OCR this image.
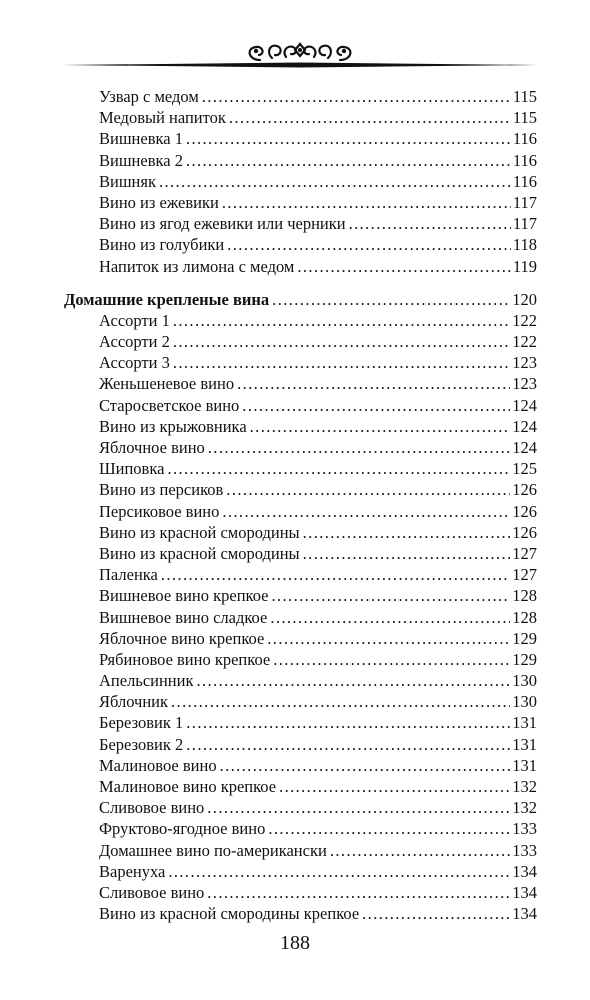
Узвар с медом .....	115
Медовый напиток .....	115
Вишневка 1 .....	116
Вишневка 2 .....	116
Вишняк .....	116
Вино из ежевики .....	117
Вино из ягод ежевики или черники .....	117
Вино из голубики .....	118
Напиток из лимона с медом .....	119
Домашние крепленые вина .....	120
Ассорти 1 .....	122
Ассорти 2 .....	122
Ассорти 3 .....	123
Женьшеневое вино .....	123
Старосветское вино .....	124
Вино из крыжовника .....	124
Яблочное вино .....	124
Шиповка .....	125
Вино из персиков .....	126
Персиковое вино .....	126
Вино из красной смородины .....	126
Вино из красной смородины .....	127
Паленка .....	127
Вишневое вино крепкое .....	128
Вишневое вино сладкое .....	128
Яблочное вино крепкое .....	129
Рябиновое вино крепкое .....	129
Апельсинник .....	130
Яблочник .....	130
Березовик 1 .....	131
Березовик 2 .....	131
Малиновое вино .....	131
Малиновое вино крепкое .....	132
Сливовое вино .....	132
Фруктово-ягодное вино .....	133
Домашнее вино по-американски .....	133
Варенуха .....	134
Сливовое вино .....	134
Вино из красной смородины крепкое .....	134
188
